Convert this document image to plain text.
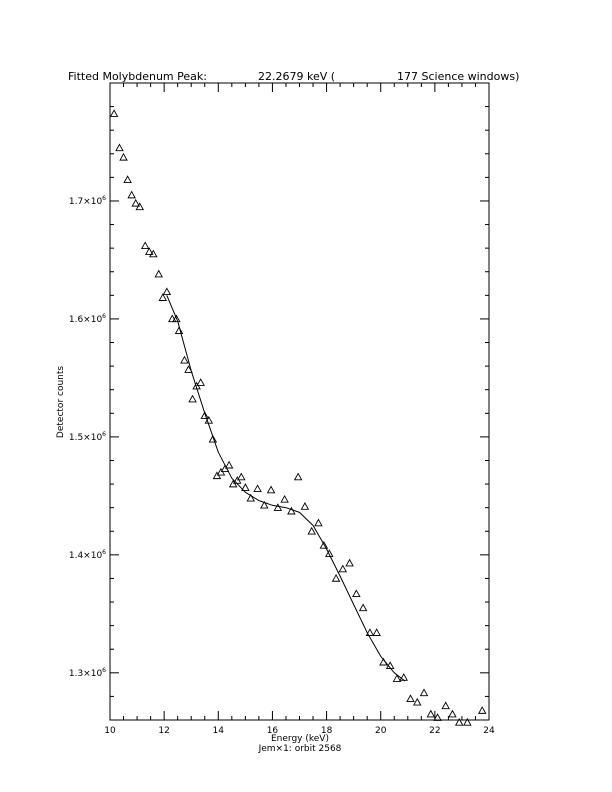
Fitted Molybdenum Peak:	22.2679 keV (	177 Science windows)
10	12	14	16	18	20	22	24
$1.3\times 10^6$
$1.4\times 10^6$
$1.5\times 10^6$
$1.6\times 10^6$
$1.7\times 10^6$
Energy (keV)
Jem×1: orbit 2568
Detector counts
